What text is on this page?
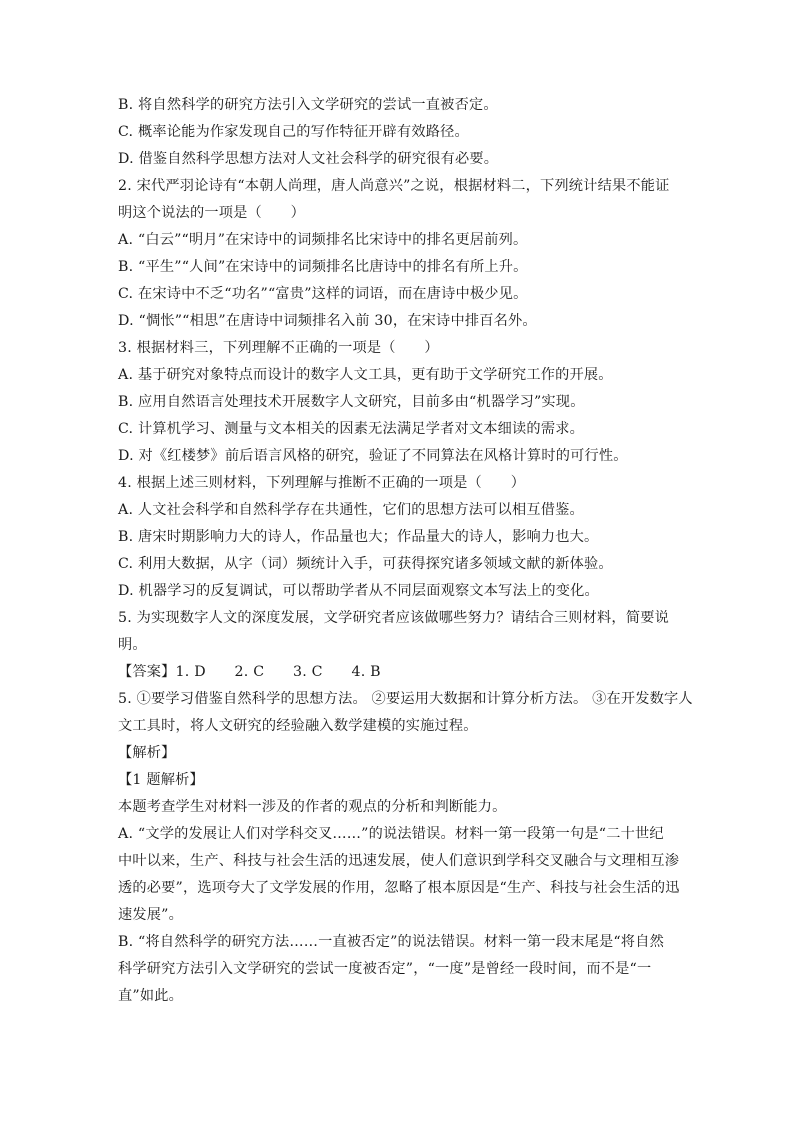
B. 将自然科学的研究方法引入文学研究的尝试一直被否定。
C. 概率论能为作家发现自己的写作特征开辟有效路径。
D. 借鉴自然科学思想方法对人文社会科学的研究很有必要。
2. 宋代严羽论诗有“本朝人尚理，唐人尚意兴”之说，根据材料二，下列统计结果不能证
明这个说法的一项是（　　）
A. “白云”“明月”在宋诗中的词频排名比宋诗中的排名更居前列。
B. “平生”“人间”在宋诗中的词频排名比唐诗中的排名有所上升。
C. 在宋诗中不乏“功名”“富贵”这样的词语，而在唐诗中极少见。
D. “惆怅”“相思”在唐诗中词频排名入前 30，在宋诗中排百名外。
3. 根据材料三，下列理解不正确的一项是（　　）
A. 基于研究对象特点而设计的数字人文工具，更有助于文学研究工作的开展。
B. 应用自然语言处理技术开展数字人文研究，目前多由“机器学习”实现。
C. 计算机学习、测量与文本相关的因素无法满足学者对文本细读的需求。
D. 对《红楼梦》前后语言风格的研究，验证了不同算法在风格计算时的可行性。
4. 根据上述三则材料，下列理解与推断不正确的一项是（　　）
A. 人文社会科学和自然科学存在共通性，它们的思想方法可以相互借鉴。
B. 唐宋时期影响力大的诗人，作品量也大；作品量大的诗人，影响力也大。
C. 利用大数据，从字（词）频统计入手，可获得探究诸多领域文献的新体验。
D. 机器学习的反复调试，可以帮助学者从不同层面观察文本写法上的变化。
5. 为实现数字人文的深度发展，文学研究者应该做哪些努力？请结合三则材料，简要说
明。
【答案】1. D　　2. C　　3. C　　4. B
5. ①要学习借鉴自然科学的思想方法。 ②要运用大数据和计算分析方法。 ③在开发数字人
文工具时，将人文研究的经验融入数学建模的实施过程。
【解析】
【1 题解析】
本题考查学生对材料一涉及的作者的观点的分析和判断能力。
A. “文学的发展让人们对学科交叉……”的说法错误。材料一第一段第一句是“二十世纪
中叶以来，生产、科技与社会生活的迅速发展，使人们意识到学科交叉融合与文理相互渗
透的必要”，选项夸大了文学发展的作用，忽略了根本原因是“生产、科技与社会生活的迅
速发展”。
B. “将自然科学的研究方法……一直被否定”的说法错误。材料一第一段末尾是“将自然
科学研究方法引入文学研究的尝试一度被否定”，“一度”是曾经一段时间，而不是“一
直”如此。
